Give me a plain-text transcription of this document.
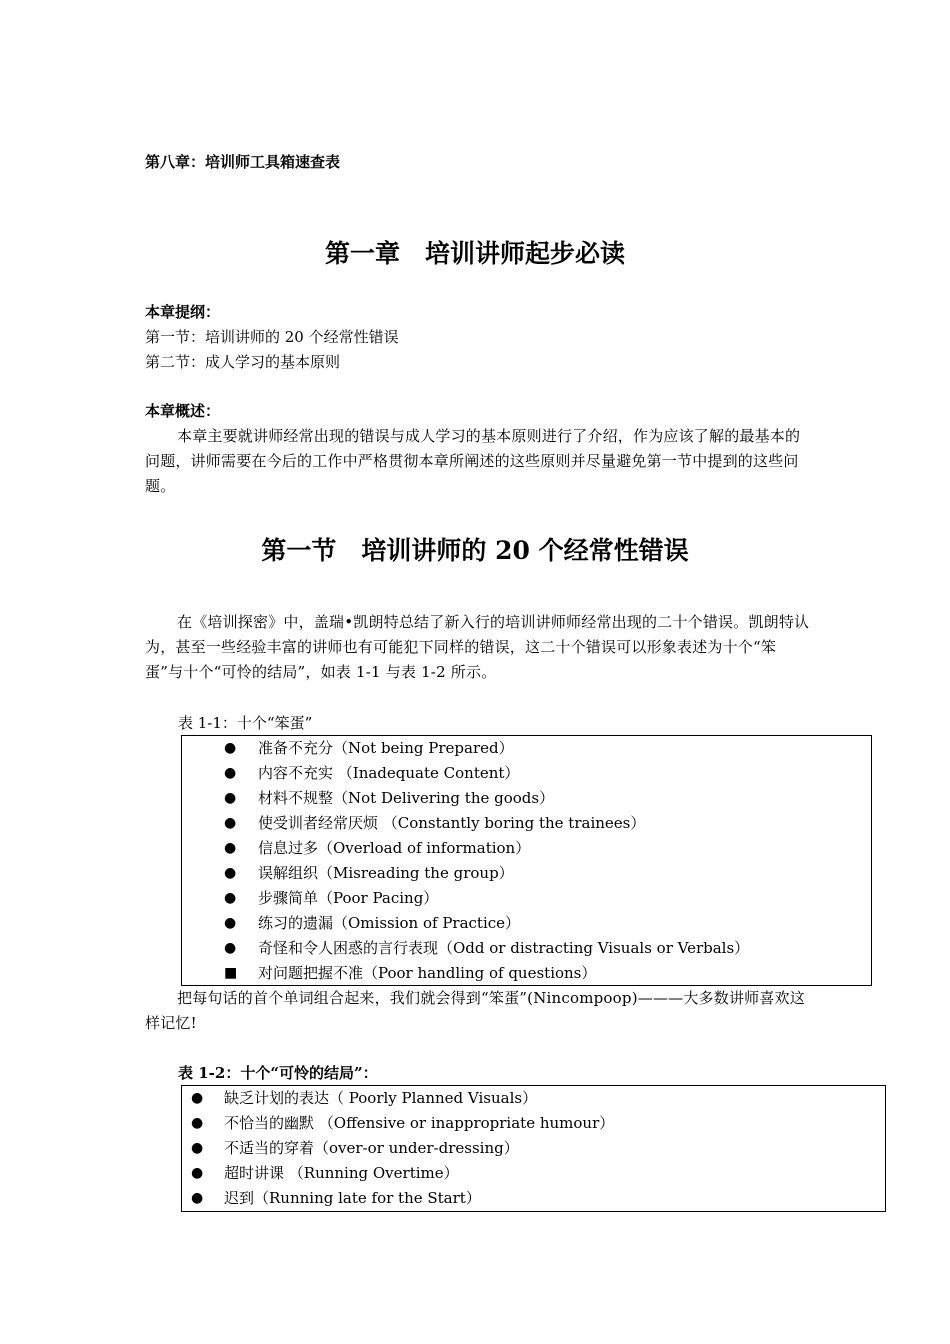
第八章：培训师工具箱速查表
第一章　培训讲师起步必读
本章提纲：
第一节：培训讲师的 20 个经常性错误
第二节：成人学习的基本原则
本章概述：
本章主要就讲师经常出现的错误与成人学习的基本原则进行了介绍，作为应该了解的最基本的问题，讲师需要在今后的工作中严格贯彻本章所阐述的这些原则并尽量避免第一节中提到的这些问题。
第一节　培训讲师的 20 个经常性错误
在《培训探密》中，盖瑞•凯朗特总结了新入行的培训讲师师经常出现的二十个错误。凯朗特认为，甚至一些经验丰富的讲师也有可能犯下同样的错误，这二十个错误可以形象表述为十个“笨蛋”与十个“可怜的结局”，如表 1-1 与表 1-2 所示。
表 1-1：十个“笨蛋”
● 准备不充分（Not being Prepared）
● 内容不充实 （Inadequate Content）
● 材料不规整（Not Delivering the goods）
● 使受训者经常厌烦 （Constantly boring the trainees）
● 信息过多（Overload of information）
● 误解组织（Misreading the group）
● 步骤简单（Poor Pacing）
● 练习的遗漏（Omission of Practice）
● 奇怪和令人困惑的言行表现（Odd or distracting Visuals or Verbals）
■ 对问题把握不准（Poor handling of questions）
把每句话的首个单词组合起来，我们就会得到“笨蛋”(Nincompoop)———大多数讲师喜欢这样记忆!
表 1-2：十个“可怜的结局”：
● 缺乏计划的表达（ Poorly Planned Visuals）
● 不恰当的幽默 （Offensive or inappropriate humour）
● 不适当的穿着（over-or under-dressing）
● 超时讲课 （Running Overtime）
● 迟到（Running late for the Start）
